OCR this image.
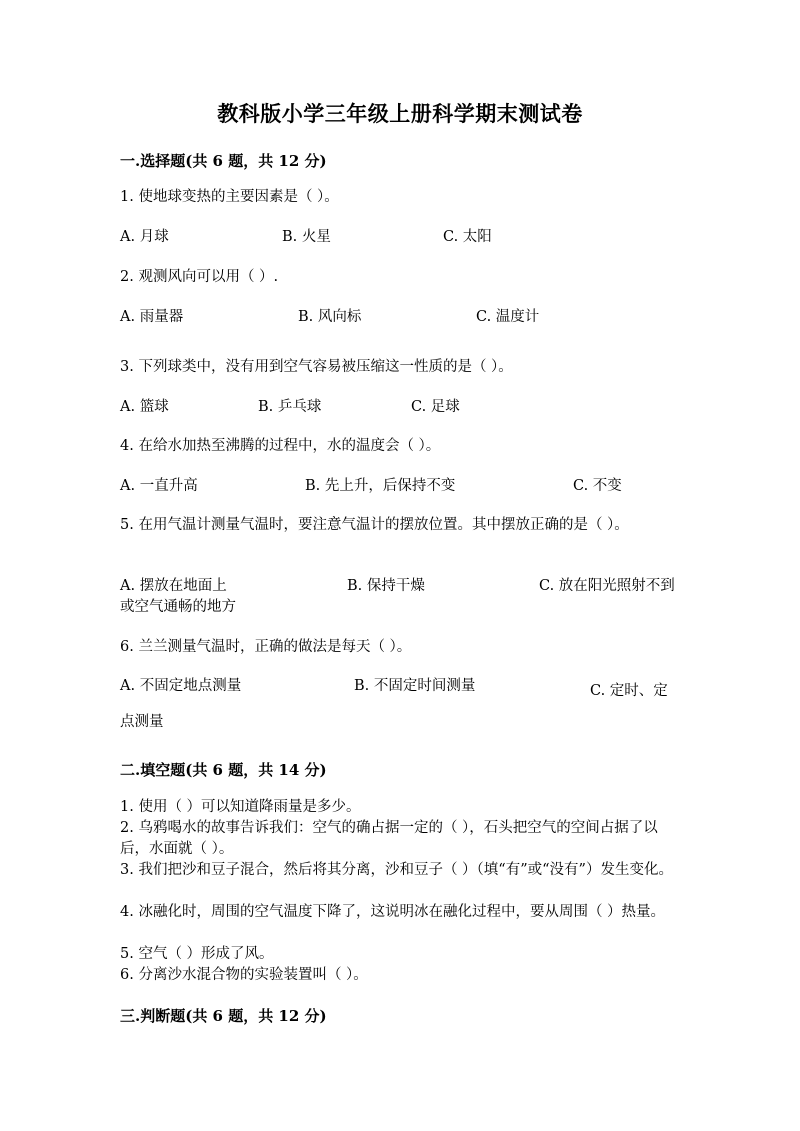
教科版小学三年级上册科学期末测试卷
一.选择题(共 6 题，共 12 分)
1. 使地球变热的主要因素是（ ）。
A. 月球	B. 火星	C. 太阳
2. 观测风向可以用（ ）.
A. 雨量器	B. 风向标	C. 温度计
3. 下列球类中，没有用到空气容易被压缩这一性质的是（ ）。
A. 篮球	B. 乒乓球	C. 足球
4. 在给水加热至沸腾的过程中，水的温度会（ ）。
A. 一直升高	B. 先上升，后保持不变	C. 不变
5. 在用气温计测量气温时，要注意气温计的摆放位置。其中摆放正确的是（ ）。
A. 摆放在地面上	B. 保持干燥	C. 放在阳光照射不到或空气通畅的地方
6. 兰兰测量气温时，正确的做法是每天（ ）。
A. 不固定地点测量	B. 不固定时间测量	C. 定时、定点测量
二.填空题(共 6 题，共 14 分)
1. 使用（ ）可以知道降雨量是多少。
2. 乌鸦喝水的故事告诉我们：空气的确占据一定的（ ），石头把空气的空间占据了以后，水面就（ ）。
3. 我们把沙和豆子混合，然后将其分离，沙和豆子（ ）（填“有”或“没有”）发生变化。
4. 冰融化时，周围的空气温度下降了，这说明冰在融化过程中，要从周围（ ）热量。
5. 空气（ ）形成了风。
6. 分离沙水混合物的实验装置叫（ ）。
三.判断题(共 6 题，共 12 分)
